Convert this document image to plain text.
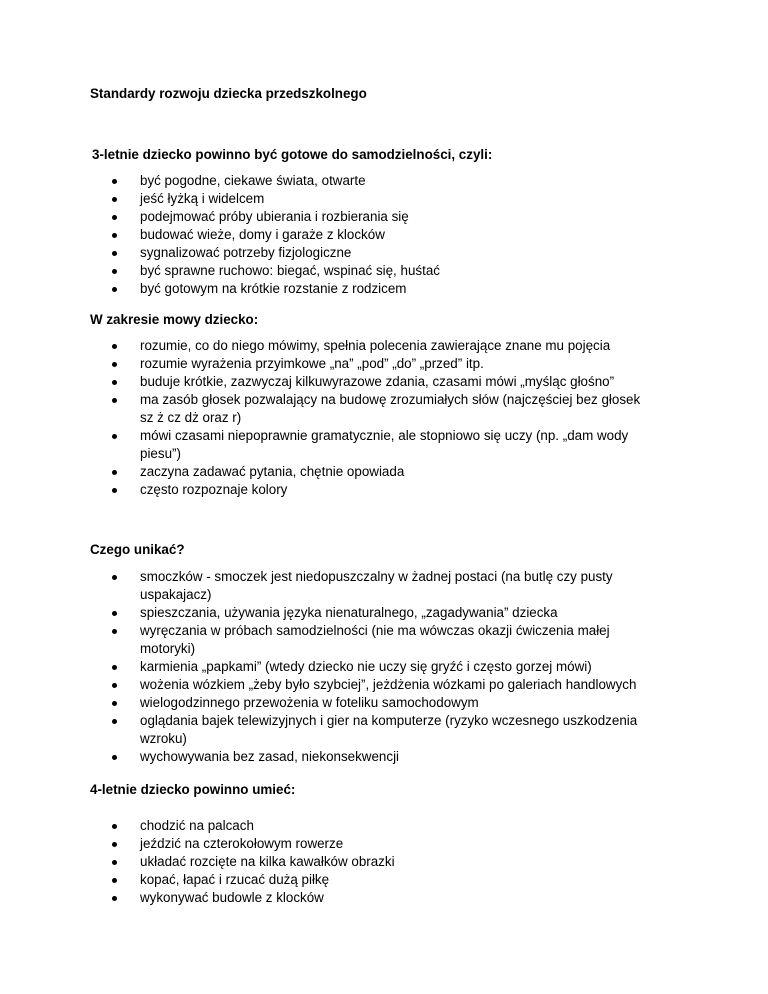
Standardy rozwoju dziecka przedszkolnego
3-letnie dziecko powinno być gotowe do samodzielności, czyli:
być pogodne, ciekawe świata, otwarte
jeść łyżką i widelcem
podejmować próby ubierania i rozbierania się
budować wieże, domy i garaże z klocków
sygnalizować potrzeby fizjologiczne
być sprawne ruchowo: biegać, wspinać się, huśtać
być gotowym na krótkie rozstanie z rodzicem
W zakresie mowy dziecko:
rozumie, co do niego mówimy, spełnia polecenia zawierające znane mu pojęcia
rozumie wyrażenia przyimkowe „na” „pod” „do” „przed” itp.
buduje krótkie, zazwyczaj kilkuwyrazowe zdania, czasami mówi „myśląc głośno”
ma zasób głosek pozwalający na budowę zrozumiałych słów (najczęściej bez głosek sz ż cz dż oraz r)
mówi czasami niepoprawnie gramatycznie, ale stopniowo się uczy (np. „dam wody piesu”)
zaczyna zadawać pytania, chętnie opowiada
często rozpoznaje kolory
Czego unikać?
smoczków - smoczek jest niedopuszczalny w żadnej postaci (na butlę czy pusty uspakajacz)
spieszczania, używania języka nienaturalnego, „zagadywania” dziecka
wyręczania w próbach samodzielności (nie ma wówczas okazji ćwiczenia małej motoryki)
karmienia „papkami” (wtedy dziecko nie uczy się gryźć i często gorzej mówi)
wożenia wózkiem „żeby było szybciej”, jeżdżenia wózkami po galeriach handlowych
wielogodzinnego przewożenia w foteliku samochodowym
oglądania bajek telewizyjnych i gier na komputerze (ryzyko wczesnego uszkodzenia wzroku)
wychowywania bez zasad, niekonsekwencji
4-letnie dziecko powinno umieć:
chodzić na palcach
jeździć na czterokołowym rowerze
układać rozcięte na kilka kawałków obrazki
kopać, łapać i rzucać dużą piłkę
wykonywać budowle z klocków
